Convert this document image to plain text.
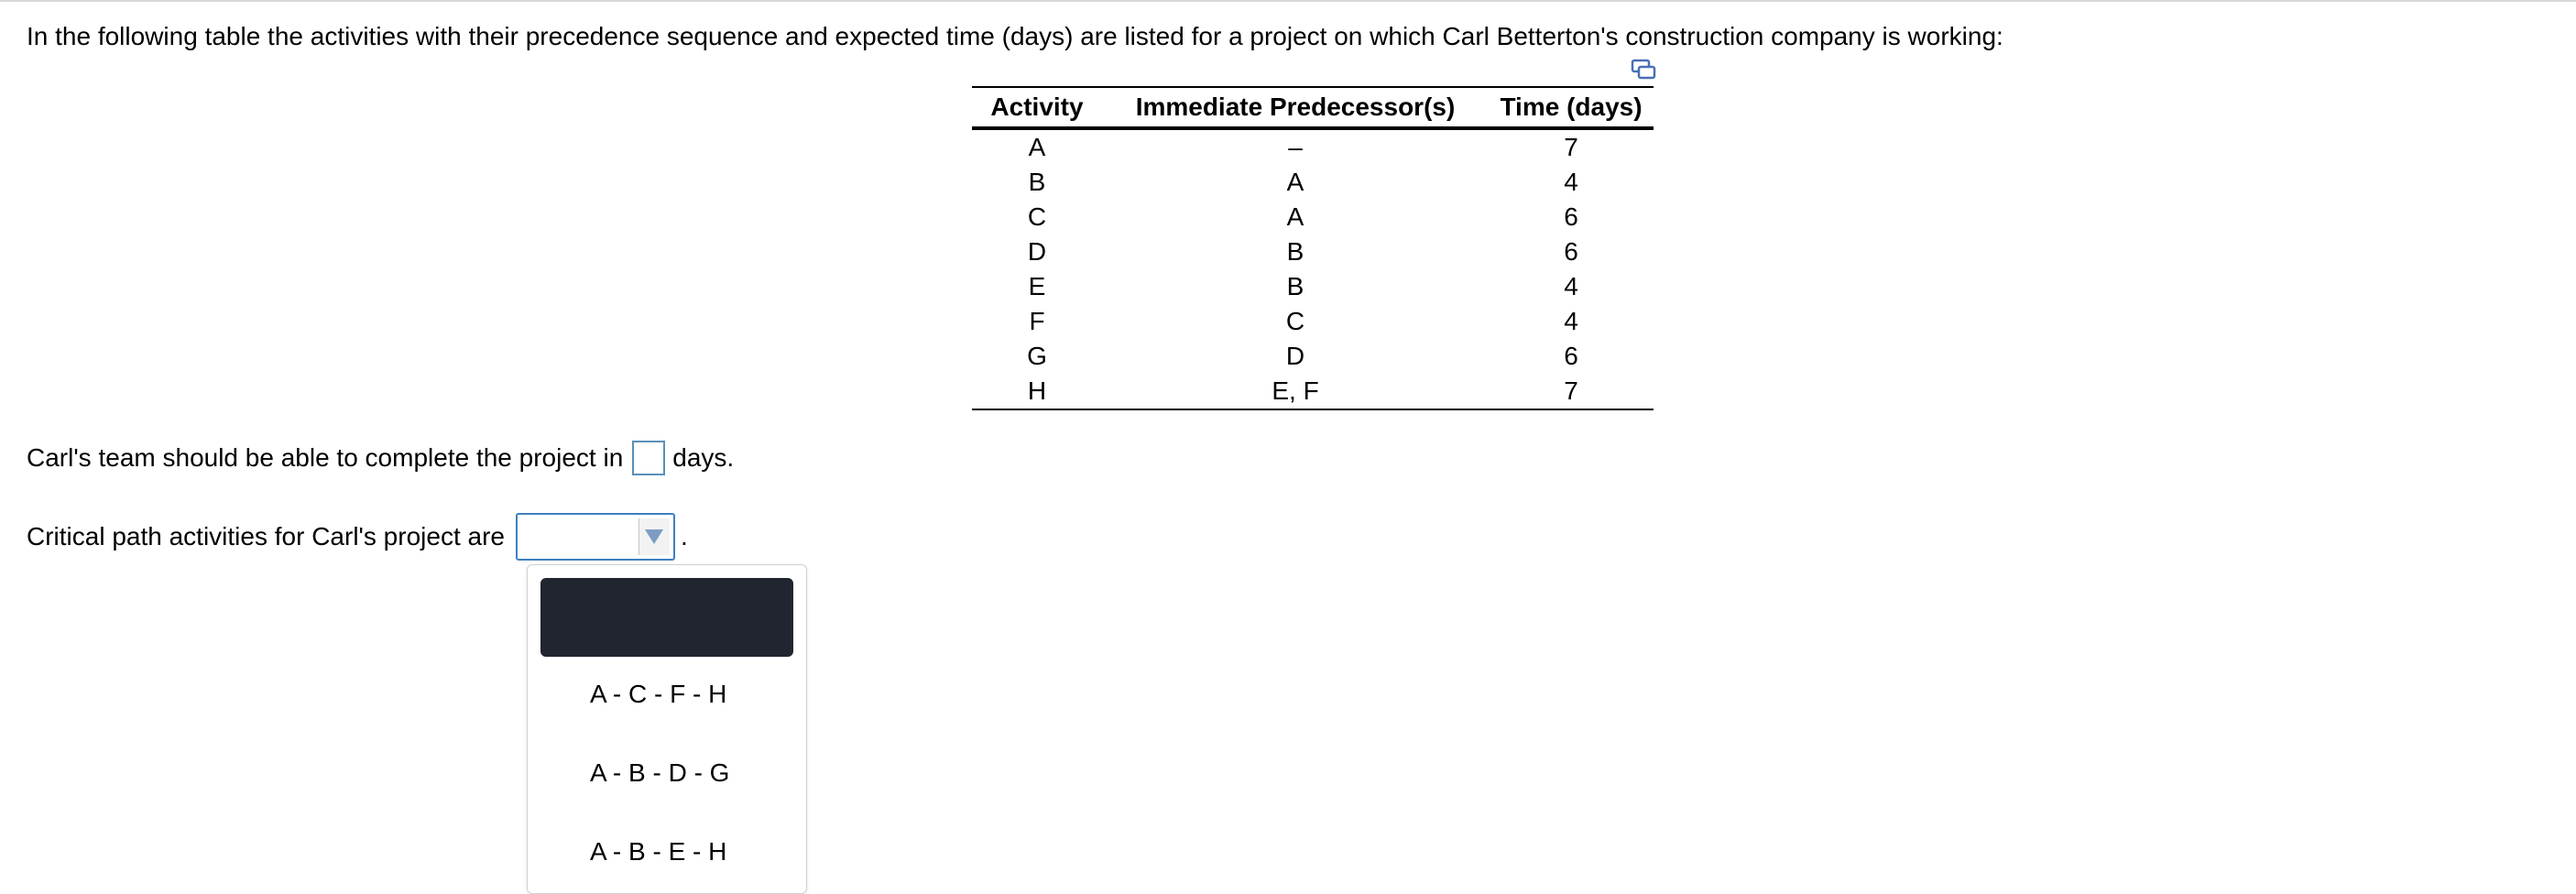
In the following table the activities with their precedence sequence and expected time (days) are listed for a project on which Carl Betterton's construction company is working:
Activity	Immediate Predecessor(s)	Time (days)
A	–	7
B	A	4
C	A	6
D	B	6
E	B	4
F	C	4
G	D	6
H	E, F	7
Carl's team should be able to complete the project in days.
Critical path activities for Carl's project are	.
A - C - F - H
A - B - D - G
A - B - E - H
